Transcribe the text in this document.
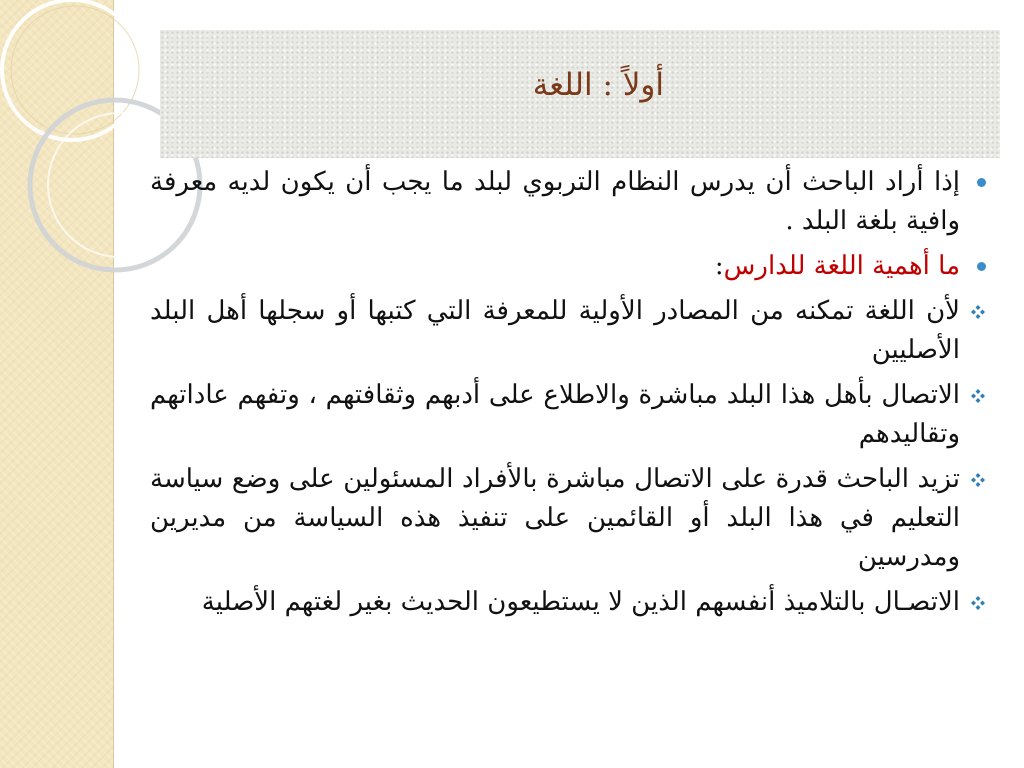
أولاً : اللغة
إذا أراد الباحث أن يدرس النظام التربوي لبلد ما يجب أن يكون لديه معرفة وافية بلغة البلد .
ما أهمية اللغة للدارس:
لأن اللغة تمكنه من المصادر الأولية للمعرفة التي كتبها أو سجلها أهل البلد الأصليين
الاتصال بأهل هذا البلد مباشرة والاطلاع على أدبهم وثقافتهم ، وتفهم عاداتهم وتقاليدهم
تزيد الباحث قدرة على الاتصال مباشرة بالأفراد المسئولين على وضع سياسة التعليم في هذا البلد أو القائمين على تنفيذ هذه السياسة من مديرين ومدرسين
الاتصـال بالتلاميذ أنفسهم الذين لا يستطيعون الحديث بغير لغتهم الأصلية
